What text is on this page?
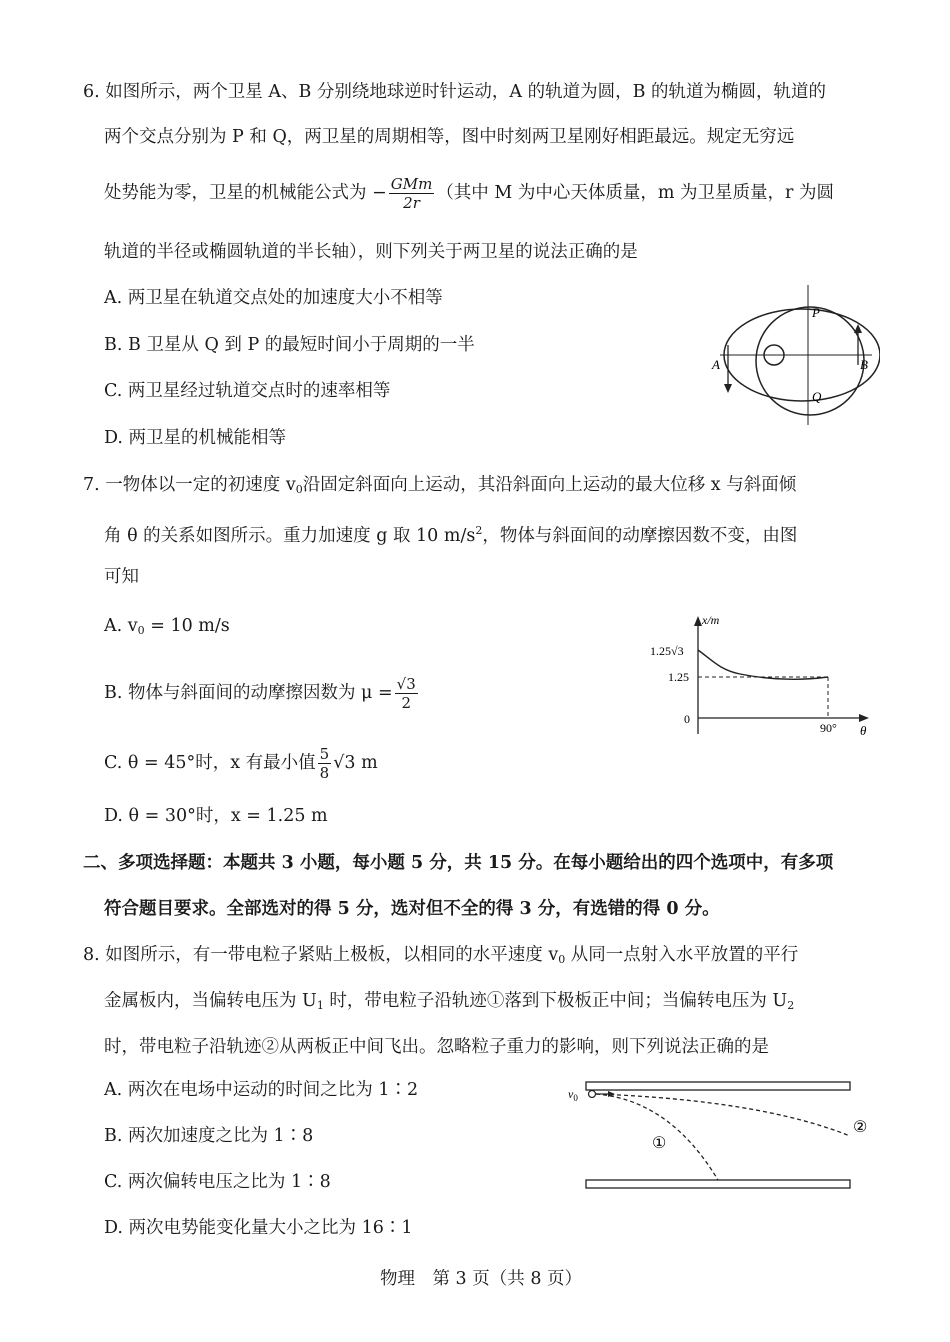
6. 如图所示，两个卫星 A、B 分别绕地球逆时针运动，A 的轨道为圆，B 的轨道为椭圆，轨道的
两个交点分别为 P 和 Q，两卫星的周期相等，图中时刻两卫星刚好相距最远。规定无穷远
处势能为零，卫星的机械能公式为 − $\frac{\text{GMm}}{2r}$ （其中 M 为中心天体质量，m 为卫星质量，r 为圆
轨道的半径或椭圆轨道的半长轴），则下列关于两卫星的说法正确的是
A. 两卫星在轨道交点处的加速度大小不相等
B. B 卫星从 Q 到 P 的最短时间小于周期的一半
C. 两卫星经过轨道交点时的速率相等
D. 两卫星的机械能相等
A	B
P
Q
7. 一物体以一定的初速度 $v_0$沿固定斜面向上运动，其沿斜面向上运动的最大位移 x 与斜面倾
角 θ 的关系如图所示。重力加速度 g 取 10 $m/s^2$，物体与斜面间的动摩擦因数不变，由图
可知
A. $v_0 = 10$ m/s
B. 物体与斜面间的动摩擦因数为 $\mu = \frac{√3}{2}$
C. θ = 45°时，x 有最小值 $\frac{5}{8} √3$ m
D. θ = 30°时，x = 1.25 m
x/m
1.25√3
1.25
0
90° θ
二、多项选择题：本题共 3 小题，每小题 5 分，共 15 分。在每小题给出的四个选项中，有多项
符合题目要求。全部选对的得 5 分，选对但不全的得 3 分，有选错的得 0 分。
8. 如图所示，有一带电粒子紧贴上极板，以相同的水平速度 $v_0$ 从同一点射入水平放置的平行
金属板内，当偏转电压为 $U_1$ 时，带电粒子沿轨迹①落到下极板正中间；当偏转电压为 $U_2$
时，带电粒子沿轨迹②从两板正中间飞出。忽略粒子重力的影响，则下列说法正确的是
A. 两次在电场中运动的时间之比为 1∶2
B. 两次加速度之比为 1∶8
C. 两次偏转电压之比为 1∶8
D. 两次电势能变化量大小之比为 16∶1
$v_0$
①
②
物理　第 3 页（共 8 页）
